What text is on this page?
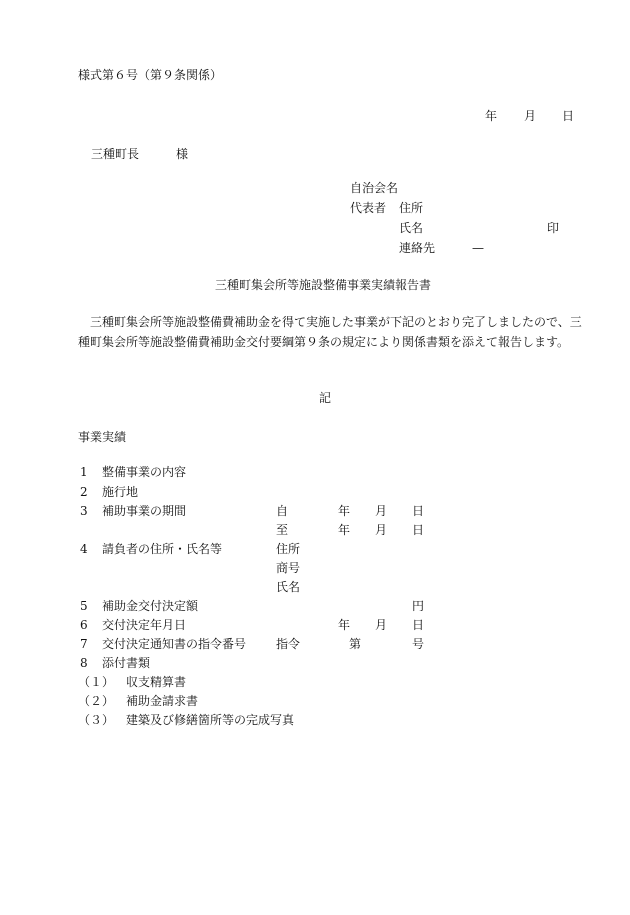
様式第６号（第９条関係）
年 月 日
三種町長	様
自治会名
代表者 住所
氏名	印
連絡先	—
三種町集会所等施設整備事業実績報告書
三種町集会所等施設整備費補助金を得て実施した事業が下記のとおり完了しましたので、三種町集会所等施設整備費補助金交付要綱第９条の規定により関係書類を添えて報告します。
記
事業実績
1 整備事業の内容
2 施行地
3 補助事業の期間	自	年 月 日
至	年 月 日
4 請負者の住所・氏名等	住所
商号
氏名
5 補助金交付決定額	円
6 交付決定年月日	年 月 日
7 交付決定通知書の指令番号 指令	第	号
8 添付書類
（１） 収支精算書
（２） 補助金請求書
（３） 建築及び修繕箇所等の完成写真
